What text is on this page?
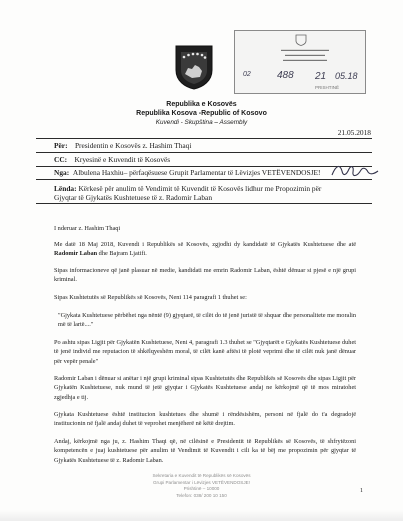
▬▬▬▬▬▬▬▬▬▬▬▬
▬▬▬▬▬▬▬▬▬▬
▬▬▬▬▬▬▬▬▬▬▬
02	488 21 05.18
PRISHTINË
Republika e Kosovës
Republika Kosova -Republic of Kosovo
Kuvendi - Skupština – Assembly
21.05.2018
Për: Presidentin e Kosovës z. Hashim Thaqi
CC: Kryesinë e Kuvendit të Kosovës
Nga: Albulena Haxhiu– përfaqësuese Grupit Parlamentar të Lëvizjes VETËVENDOSJE!
Lënda: Kërkesë për anulim të Vendimit të Kuvendit të Kosovës lidhur me Propozimin për
Gjyqtar të Gjykatës Kushtetuese të z. Radomir Laban
I nderuar z. Hashim Thaqi
Me datë 18 Maj 2018, Kuvendi i Republikës së Kosovës, zgjodhi dy kandidatë të Gjykatës Kushtetuese dhe atë Radomir Laban dhe Bajram Ljatifi.
Sipas informacioneve që janë plasuar në medie, kandidati me emrin Radomir Laban, është dënuar si pjesë e një grupi kriminal.
Sipas Kushtetutës së Republikës së Kosovës, Neni 114 paragrafi 1 thuhet se:
"Gjykata Kushtetuese përbëhet nga nëntë (9) gjyqtarë, të cilët do të jenë juristë të shquar dhe personalitete me moralin më të lartë...."
Po ashtu sipas Ligjit për Gjykatën Kushtetuese, Neni 4, paragrafi 1.3 thuhet se "Gjyqtarët e Gjykatës Kushtetuese duhet të jenë individ me reputacion të shkëlqyeshëm moral, të cilët kanë aftësi të plotë veprimi dhe të cilët nuk janë dënuar për vepër penale"
Radomir Laban i dënuar si anëtar i një grupi kriminal sipas Kushtetutës dhe Republikës së Kosovës dhe sipas Ligjit për Gjykatën Kushtetuese, nuk mund të jetë gjyqtar i Gjykatës Kushtetuese andaj ne kërkojmë që të mos miratohet zgjedhja e tij.
Gjykata Kushtetuese është institucion kushtetues dhe shumë i rëndësishëm, personi në fjalë do t'a degradojë institucionin në fjalë andaj duhet të veprohet menjëherë në këtë drejtim.
Andaj, kërkojmë nga ju, z. Hashim Thaqi që, në cilësinë e Presidentit të Republikës së Kosovës, të shfrytëzoni kompetencën e juaj kushtetuese për anulim të Vendimit të Kuvendit i cili ka të bëj me propozimin për gjyqtar të Gjykatës Kushtetuese të z. Radomir Laban.
Sekretaria e Kuvendit të Republikës së Kosovës
Grupi Parlamentar i Lëvizjes VETËVENDOSJE!
Prishtinë – 10000
Telefon: 038/ 200 10 150
1
